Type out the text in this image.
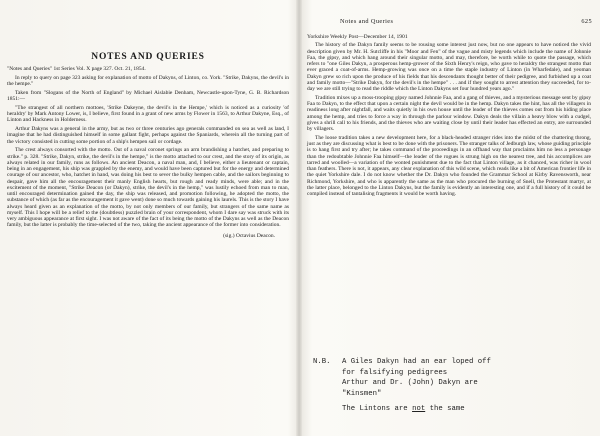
NOTES AND QUERIES

"Notes and Queries" 1st Series Vol. X page 327. Oct. 21, 1854.

In reply to query on page 323 asking for explanation of motto of Dakyns, of Linton, co. York. "Strike, Dakyns, the devil's in the hempe."

Taken from "Slogans of the North of England" by Michael Aislabie Denham, Newcastle-upon-Tyne, G. B. Richardson 1851:—

"The strangest of all northern mottoes, 'Strike Dakeyne, the devil's in the Hempe,' which is noticed as a curiosity 'of heraldry' by Mark Antony Lower, is, I believe, first found in a grant of new arms by Flower in 1563, to Arthur Dakyne, Esq., of Linton and Hackness in Holderness.

Arthur Dakyns was a general in the army, but as two or three centuries ago generals commanded on sea as well as land, I imagine that he had distinguished himself in some gallant fight, perhaps against the Spaniards, wherein all the turning part of the victory consisted in cutting some portion of a ship's hempen sail or cordage.

The crest always consorted with the motto. Out of a naval coronet springs an arm brandishing a hatchet, and preparing to strike." p. 328. "Strike, Dakyn, strike, the devil's in the hempe," is the motto attached to our crest, and the story of its origin, as always related in our family, runs as follows. An ancient Deacon, a naval man, and, I believe, either a lieutenant or captain, being in an engagement, his ship was grappled by the enemy, and would have been captured but for the energy and determined courage of our ancestor, who, hatchet in hand, was doing his best to sever the bulky hempen cable, and the sailors beginning to despair, gave him all the encouragement their manly English hearts, but rough and ready minds, were able; and in the excitement of the moment, "Strike Deacon (or Dakyn), strike, the devil's in the hemp," was lustily echoed from man to man, until encouraged determination gained the day, the ship was released, and promotion following, he adopted the motto, the substance of which (as far as the encouragement it gave went) done so much towards gaining his laurels. This is the story I have always heard given as an explanation of the motto, by not only members of our family, but strangers of the same name as myself. This I hope will be a relief to the (doubtless) puzzled brain of your correspondent, whom I dare say was struck with its very ambiguous appearance at first sight. I was not aware of the fact of its being the motto of the Dakyns as well as the Deacon family, but the latter is probably the time-selected of the two, taking the ancient appearance of the former into consideration.

(sig.) Octavius Deacon.
Notes and Queries	625

Yorkshire Weekly Post—December 14, 1901

The history of the Dakyn family seems to be rousing some interest just now, but no one appears to have noticed the vivid description given by Mr. H. Sutcliffe in his "Moor and Fen" of the vague and misty legends which include the name of Johnnie Faa, the gipsy, and which hang around their singular motto, and may, therefore, be worth while to quote the passage, which refers to "one Giles Dakyn, a prosperous hemp-grower of the Sixth Henry's reign, who gave to heraldry the strangest motto that ever graced a coat-of-arms. Hemp-growing was once on a time the staple industry of Linton (in Wharfedale), and yeoman Dakyn grew so rich upon the produce of his fields that his descendants thought better of their pedigree, and furbished up a coat and family motto—"Strike Dakyn, for the devil's in the hempe" . . . and if they sought to arrest attention they succeeded, for to-day we are still trying to read the riddle which the Linton Dakyns set four hundred years ago."

Tradition mixes up a moss-trooping gipsy named Johnnie Faa, and a gang of thieves, and a mysterious message sent by gipsy Faa to Dakyn, to the effect that upon a certain night the devil would be in the hemp. Dakyn takes the hint, has all the villagers in readiness long after nightfall, and waits quietly in his own house until the leader of the thieves comes out from his hiding place among the hemp, and tries to force a way in through the parlour window. Dakyn deals the villain a heavy blow with a cudgel, gives a shrill call to his friends, and the thieves who are waiting close by until their leader has effected an entry, are surrounded by villagers.

The loose tradition takes a new development here, for a black-headed stranger rides into the midst of the chattering throng, just as they are discussing what is best to be done with the prisoners. The stranger talks of Jedburgh law, whose guiding principle is to hang first and try after; he takes command of the proceedings in an offhand way that proclaims him no less a personage than the redoubtable Johnnie Faa himself—the leader of the rogues is strung high on the nearest tree, and his accomplices are tarred and woolled—a variation of the wonted punishment due to the fact that Linton village, as it chanced, was richer in wool than feathers. There is not, it appears, any clear explanation of this wild scene, which reads like a bit of American frontier life in the quiet Yorkshire dale. I do not know whether the Dr. Dakyn who founded the Grammar School at Kirby Ravensworth, near Richmond, Yorkshire, and who is apparently the same as the man who procured the burning of Snell, the Protestant martyr, at the latter place, belonged to the Linton Dakyns, but the family is evidently an interesting one, and if a full history of it could be compiled instead of tantalising fragments it would be worth having.

N.B.

A Giles Dakyn had an ear loped off

for falsifying pedigrees

Arthur and Dr. (John) Dakyn are

"Kinsmen"

The Lintons are not the same
